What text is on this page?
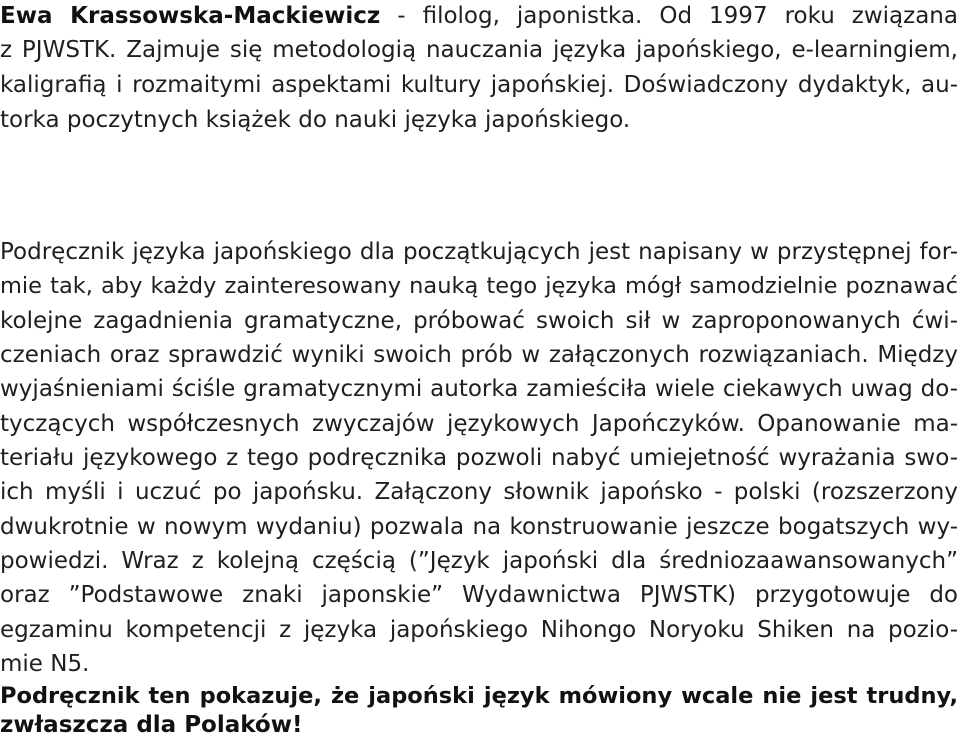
Ewa Krassowska-Mackiewicz - filolog, japonistka. Od 1997 roku związana
z PJWSTK. Zajmuje się metodologią nauczania języka japońskiego, e-learningiem,
kaligrafią i rozmaitymi aspektami kultury japońskiej. Doświadczony dydaktyk, au-
torka poczytnych książek do nauki języka japońskiego.
Podręcznik języka japońskiego dla początkujących jest napisany w przystępnej for-
mie tak, aby każdy zainteresowany nauką tego języka mógł samodzielnie poznawać
kolejne zagadnienia gramatyczne, próbować swoich sił w zaproponowanych ćwi-
czeniach oraz sprawdzić wyniki swoich prób w załączonych rozwiązaniach. Między
wyjaśnieniami ściśle gramatycznymi autorka zamieściła wiele ciekawych uwag do-
tyczących współczesnych zwyczajów językowych Japończyków. Opanowanie ma-
teriału językowego z tego podręcznika pozwoli nabyć umiejetność wyrażania swo-
ich myśli i uczuć po japońsku. Załączony słownik japońsko - polski (rozszerzony
dwukrotnie w nowym wydaniu) pozwala na konstruowanie jeszcze bogatszych wy-
powiedzi. Wraz z kolejną częścią (”Język japoński dla średniozaawansowanych”
oraz ”Podstawowe znaki japonskie” Wydawnictwa PJWSTK) przygotowuje do
egzaminu kompetencji z języka japońskiego Nihongo Noryoku Shiken na pozio-
mie N5.
Podręcznik ten pokazuje, że japoński język mówiony wcale nie jest trudny,
zwłaszcza dla Polaków!
